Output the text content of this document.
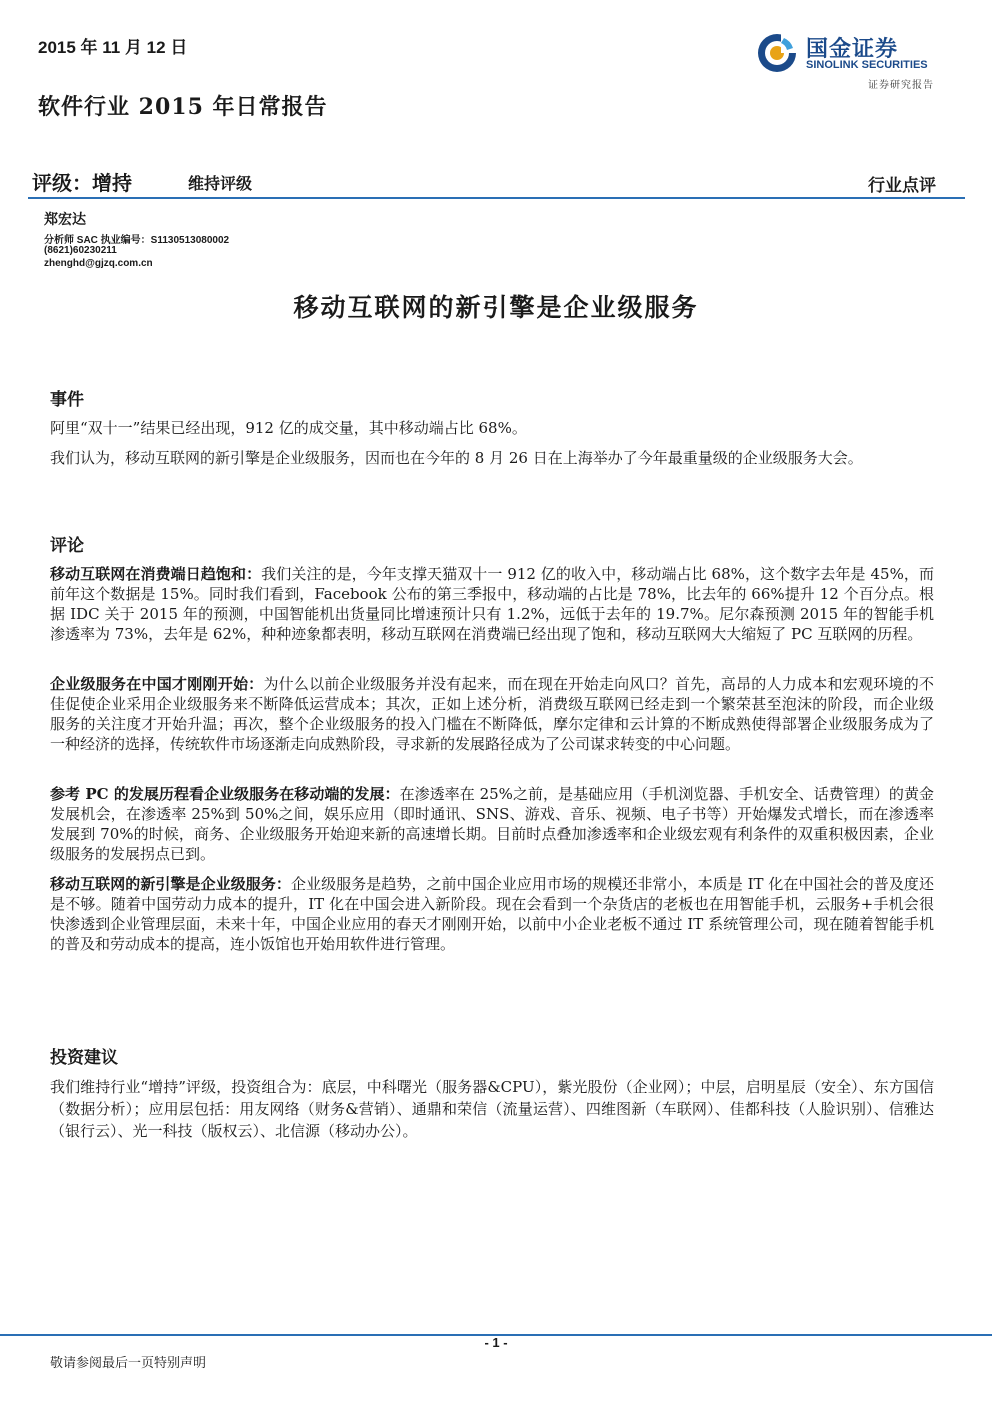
2015 年 11 月 12 日
软件行业 2015 年日常报告
国金证券
SINOLINK SECURITIES
证券研究报告
评级：增持	维持评级	行业点评
郑宏达
分析师 SAC 执业编号：S1130513080002
(8621)60230211
zhenghd@gjzq.com.cn
移动互联网的新引擎是企业级服务
事件

阿里“双十一”结果已经出现，912 亿的成交量，其中移动端占比 68%。

我们认为，移动互联网的新引擎是企业级服务，因而也在今年的 8 月 26 日在上海举办了今年最重量级的企业级服务大会。

评论

移动互联网在消费端日趋饱和：我们关注的是，今年支撑天猫双十一 912 亿的收入中，移动端占比 68%，这个数字去年是 45%，而前年这个数据是 15%。同时我们看到，Facebook 公布的第三季报中，移动端的占比是 78%，比去年的 66%提升 12 个百分点。根据 IDC 关于 2015 年的预测，中国智能机出货量同比增速预计只有 1.2%，远低于去年的 19.7%。尼尔森预测 2015 年的智能手机渗透率为 73%，去年是 62%，种种迹象都表明，移动互联网在消费端已经出现了饱和，移动互联网大大缩短了 PC 互联网的历程。

企业级服务在中国才刚刚开始：为什么以前企业级服务并没有起来，而在现在开始走向风口？首先，高昂的人力成本和宏观环境的不佳促使企业采用企业级服务来不断降低运营成本；其次，正如上述分析，消费级互联网已经走到一个繁荣甚至泡沫的阶段，而企业级服务的关注度才开始升温；再次，整个企业级服务的投入门槛在不断降低，摩尔定律和云计算的不断成熟使得部署企业级服务成为了一种经济的选择，传统软件市场逐渐走向成熟阶段，寻求新的发展路径成为了公司谋求转变的中心问题。

参考 PC 的发展历程看企业级服务在移动端的发展：在渗透率在 25%之前，是基础应用（手机浏览器、手机安全、话费管理）的黄金发展机会，在渗透率 25%到 50%之间，娱乐应用（即时通讯、SNS、游戏、音乐、视频、电子书等）开始爆发式增长，而在渗透率发展到 70%的时候，商务、企业级服务开始迎来新的高速增长期。目前时点叠加渗透率和企业级宏观有利条件的双重积极因素，企业级服务的发展拐点已到。

移动互联网的新引擎是企业级服务：企业级服务是趋势，之前中国企业应用市场的规模还非常小，本质是 IT 化在中国社会的普及度还是不够。随着中国劳动力成本的提升，IT 化在中国会进入新阶段。现在会看到一个杂货店的老板也在用智能手机，云服务+手机会很快渗透到企业管理层面，未来十年，中国企业应用的春天才刚刚开始，以前中小企业老板不通过 IT 系统管理公司，现在随着智能手机的普及和劳动成本的提高，连小饭馆也开始用软件进行管理。

投资建议

我们维持行业“增持”评级，投资组合为：底层，中科曙光（服务器&CPU），紫光股份（企业网）；中层，启明星辰（安全）、东方国信（数据分析）；应用层包括：用友网络（财务&营销）、通鼎和荣信（流量运营）、四维图新（车联网）、佳都科技（人脸识别）、信雅达（银行云）、光一科技（版权云）、北信源（移动办公）。

- 1 -
敬请参阅最后一页特别声明
